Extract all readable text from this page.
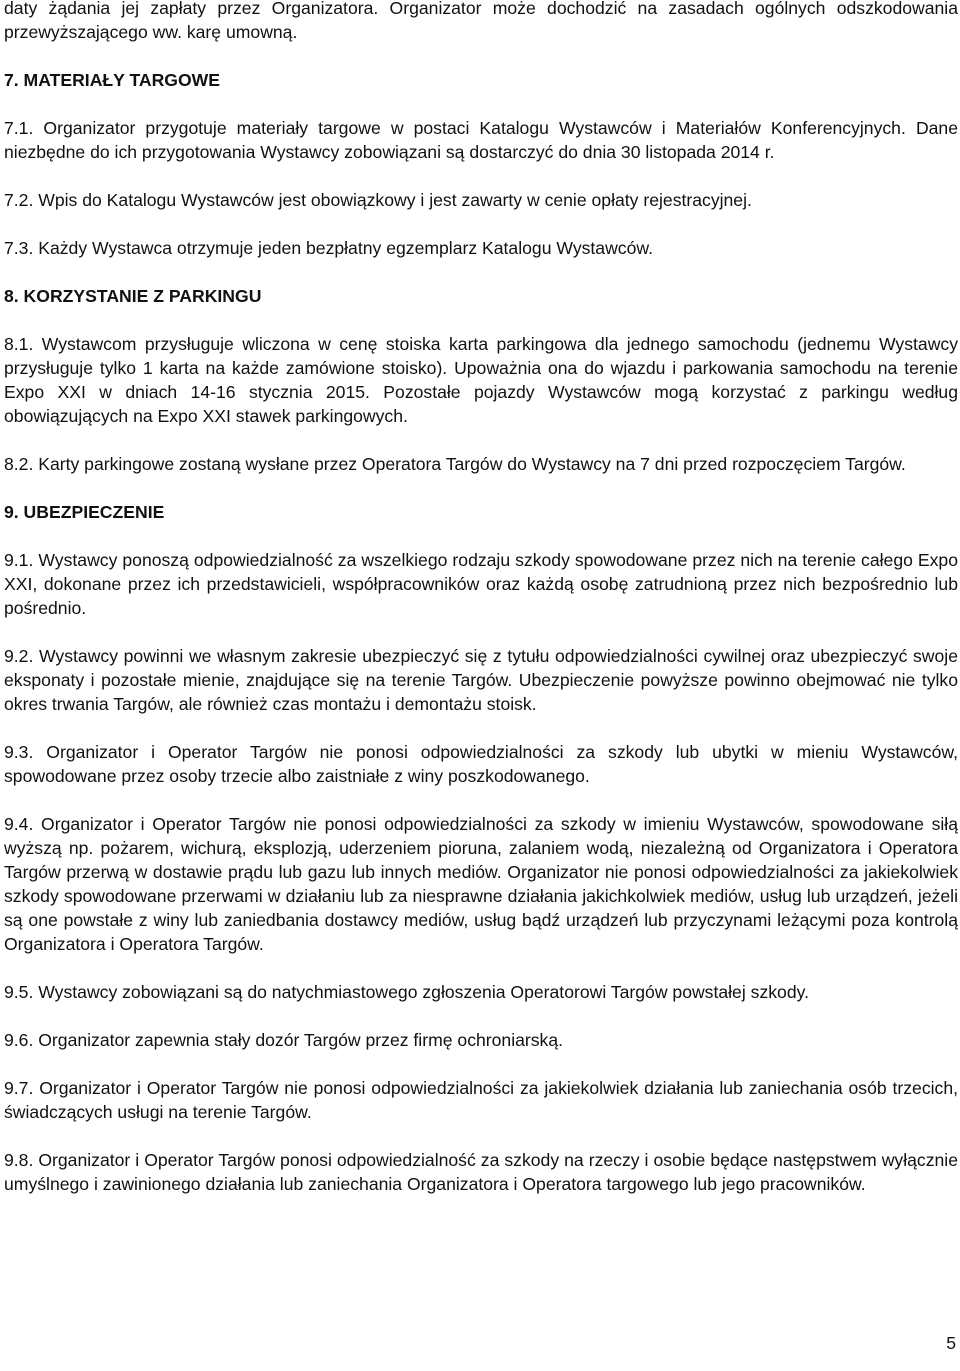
daty żądania jej zapłaty przez Organizatora. Organizator może dochodzić na zasadach ogólnych odszkodowania przewyższającego ww. karę umowną.

7. MATERIAŁY TARGOWE

7.1. Organizator przygotuje materiały targowe w postaci Katalogu Wystawców i Materiałów Konferencyjnych. Dane niezbędne do ich przygotowania Wystawcy zobowiązani są dostarczyć do dnia 30 listopada 2014 r.

7.2. Wpis do Katalogu Wystawców jest obowiązkowy i jest zawarty w cenie opłaty rejestracyjnej.

7.3. Każdy Wystawca otrzymuje jeden bezpłatny egzemplarz Katalogu Wystawców.

8. KORZYSTANIE Z PARKINGU

8.1. Wystawcom przysługuje wliczona w cenę stoiska karta parkingowa dla jednego samochodu (jednemu Wystawcy przysługuje tylko 1 karta na każde zamówione stoisko). Upoważnia ona do wjazdu i parkowania samochodu na terenie Expo XXI w dniach 14-16 stycznia 2015. Pozostałe pojazdy Wystawców mogą korzystać z parkingu według obowiązujących na Expo XXI stawek parkingowych.

8.2. Karty parkingowe zostaną wysłane przez Operatora Targów do Wystawcy na 7 dni przed rozpoczęciem Targów.

9. UBEZPIECZENIE

9.1. Wystawcy ponoszą odpowiedzialność za wszelkiego rodzaju szkody spowodowane przez nich na terenie całego Expo XXI, dokonane przez ich przedstawicieli, współpracowników oraz każdą osobę zatrudnioną przez nich bezpośrednio lub pośrednio.

9.2. Wystawcy powinni we własnym zakresie ubezpieczyć się z tytułu odpowiedzialności cywilnej oraz ubezpieczyć swoje eksponaty i pozostałe mienie, znajdujące się na terenie Targów. Ubezpieczenie powyższe powinno obejmować nie tylko okres trwania Targów, ale również czas montażu i demontażu stoisk.

9.3. Organizator i Operator Targów nie ponosi odpowiedzialności za szkody lub ubytki w mieniu Wystawców, spowodowane przez osoby trzecie albo zaistniałe z winy poszkodowanego.

9.4. Organizator i Operator Targów nie ponosi odpowiedzialności za szkody w imieniu Wystawców, spowodowane siłą wyższą np. pożarem, wichurą, eksplozją, uderzeniem pioruna, zalaniem wodą, niezależną od Organizatora i Operatora Targów przerwą w dostawie prądu lub gazu lub innych mediów. Organizator nie ponosi odpowiedzialności za jakiekolwiek szkody spowodowane przerwami w działaniu lub za niesprawne działania jakichkolwiek mediów, usług lub urządzeń, jeżeli są one powstałe z winy lub zaniedbania dostawcy mediów, usług bądź urządzeń lub przyczynami leżącymi poza kontrolą Organizatora i Operatora Targów.

9.5. Wystawcy zobowiązani są do natychmiastowego zgłoszenia Operatorowi Targów powstałej szkody.

9.6. Organizator zapewnia stały dozór Targów przez firmę ochroniarską.

9.7. Organizator i Operator Targów nie ponosi odpowiedzialności za jakiekolwiek działania lub zaniechania osób trzecich, świadczących usługi na terenie Targów.

9.8. Organizator i Operator Targów ponosi odpowiedzialność za szkody na rzeczy i osobie będące następstwem wyłącznie umyślnego i zawinionego działania lub zaniechania Organizatora i Operatora targowego lub jego pracowników.

5
